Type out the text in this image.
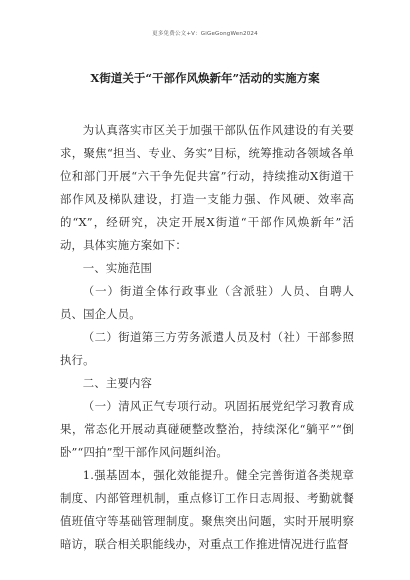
更多免费公文+V：GiGeGongWen2024
X街道关于“干部作风焕新年”活动的实施方案

为认真落实市区关于加强干部队伍作风建设的有关要求，聚焦“担当、专业、务实”目标，统筹推动各领域各单位和部门开展“六干争先促共富”行动，持续推动X街道干部作风及梯队建设，打造一支能力强、作风硬、效率高的“X”，经研究，决定开展X街道“干部作风焕新年”活动，具体实施方案如下：

一、实施范围

（一）街道全体行政事业（含派驻）人员、自聘人员、国企人员。

（二）街道第三方劳务派遣人员及村（社）干部参照执行。

二、主要内容

（一）清风正气专项行动。巩固拓展党纪学习教育成果，常态化开展动真碰硬整改整治，持续深化“躺平”“倒卧”“四拍”型干部作风问题纠治。

1.强基固本，强化效能提升。健全完善街道各类规章制度、内部管理机制，重点修订工作日志周报、考勤就餐值班值守等基础管理制度。聚焦突出问题，实时开展明察暗访，联合相关职能线办，对重点工作推进情况进行监督
